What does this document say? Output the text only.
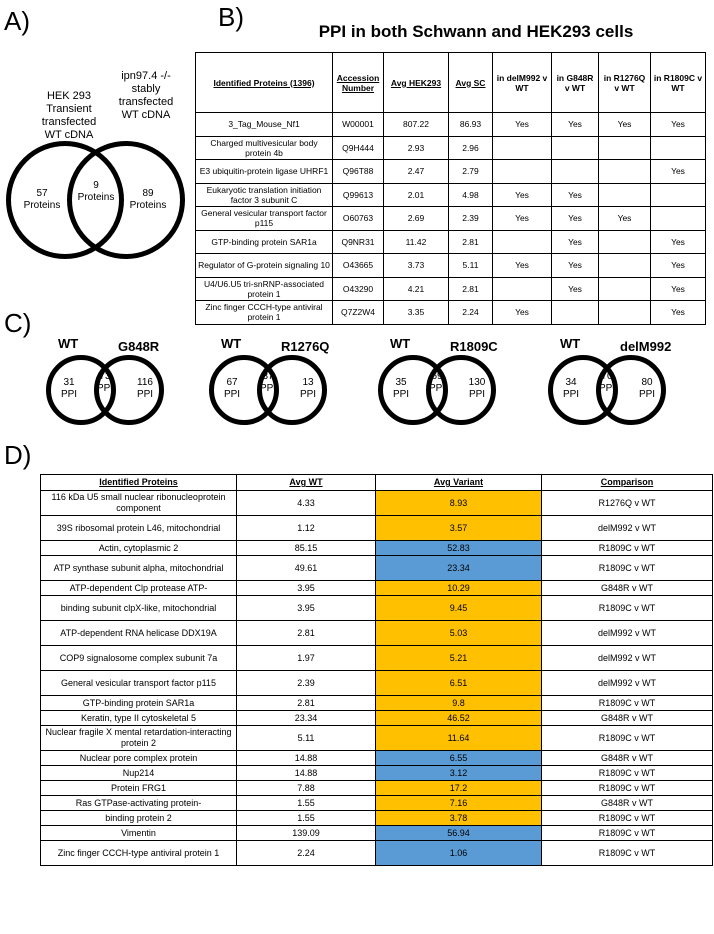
A)	B)
C)
D)
HEK 293
Transient
transfected
WT cDNA
ipn97.4 -/-
stably
transfected
WT cDNA
57
Proteins
9
Proteins	89
Proteins
PPI in both Schwann and HEK293 cells
Identified Proteins (1396)	Accession Number	Avg HEK293	Avg SC	in delM992 v WT	in G848R v WT	in R1276Q v WT	in R1809C v WT
3_Tag_Mouse_Nf1	W00001	807.22	86.93	Yes	Yes	Yes	Yes
Charged multivesicular body protein 4b	Q9H444	2.93	2.96				
E3 ubiquitin-protein ligase UHRF1	Q96T88	2.47	2.79				Yes
Eukaryotic translation initiation factor 3 subunit C	Q99613	2.01	4.98	Yes	Yes		
General vesicular transport factor p115	O60763	2.69	2.39	Yes	Yes	Yes	
GTP-binding protein SAR1a	Q9NR31	11.42	2.81		Yes		Yes
Regulator of G-protein signaling 10	O43665	3.73	5.11	Yes	Yes		Yes
U4/U6.U5 tri-snRNP-associated protein 1	O43290	4.21	2.81		Yes		Yes
Zinc finger CCCH-type antiviral protein 1	Q7Z2W4	3.35	2.24	Yes			Yes
WT	G848R
31
PPI
73
PPI
116
PPI
WT	R1276Q
67
PPI
37
PPI
13
PPI
WT	R1809C
35
PPI
69
PPI
130
PPI
WT	delM992
34
PPI
70
PPI
80
PPI
Identified Proteins	Avg WT	Avg Variant	Comparison
116 kDa U5 small nuclear ribonucleoprotein component	4.33	8.93	R1276Q v WT
39S ribosomal protein L46, mitochondrial	1.12	3.57	delM992 v WT
Actin, cytoplasmic 2	85.15	52.83	R1809C v WT
ATP synthase subunit alpha, mitochondrial	49.61	23.34	R1809C v WT
ATP-dependent Clp protease ATP-	3.95	10.29	G848R v WT
binding subunit clpX-like, mitochondrial	3.95	9.45	R1809C v WT
ATP-dependent RNA helicase DDX19A	2.81	5.03	delM992 v WT
COP9 signalosome complex subunit 7a	1.97	5.21	delM992 v WT
General vesicular transport factor p115	2.39	6.51	delM992 v WT
GTP-binding protein SAR1a	2.81	9.8	R1809C v WT
Keratin, type II cytoskeletal 5	23.34	46.52	G848R v WT
Nuclear fragile X mental retardation-interacting protein 2	5.11	11.64	R1809C v WT
Nuclear pore complex protein	14.88	6.55	G848R v WT
Nup214	14.88	3.12	R1809C v WT
Protein FRG1	7.88	17.2	R1809C v WT
Ras GTPase-activating protein-	1.55	7.16	G848R v WT
binding protein 2	1.55	3.78	R1809C v WT
Vimentin	139.09	56.94	R1809C v WT
Zinc finger CCCH-type antiviral protein 1	2.24	1.06	R1809C v WT
